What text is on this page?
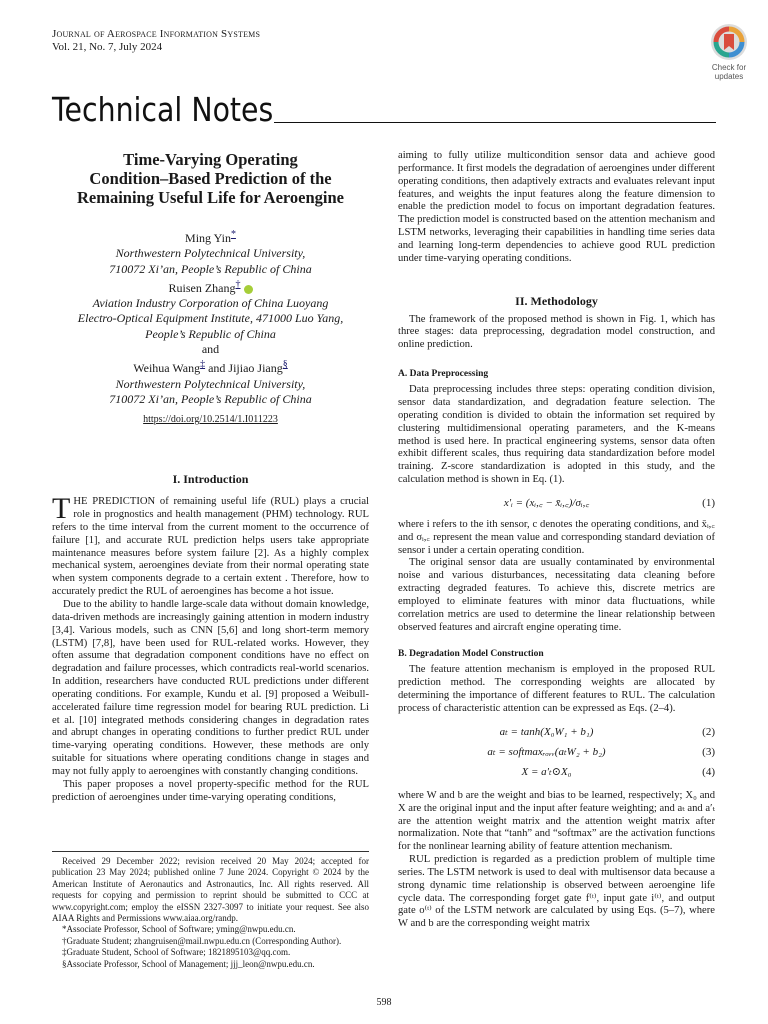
Journal of Aerospace Information Systems
Vol. 21, No. 7, July 2024
Check for
updates
Technical Notes
Time-Varying Operating
Condition–Based Prediction of the
Remaining Useful Life for Aeroengine
Ming Yin*
Northwestern Polytechnical University,
710072 Xi’an, People’s Republic of China
Ruisen Zhang†
Aviation Industry Corporation of China Luoyang
Electro-Optical Equipment Institute, 471000 Luo Yang,
People’s Republic of China
and
Weihua Wang‡ and Jijiao Jiang§
Northwestern Polytechnical University,
710072 Xi’an, People’s Republic of China
https://doi.org/10.2514/1.I011223
I. Introduction

THE PREDICTION of remaining useful life (RUL) plays a crucial role in prognostics and health management (PHM) technology. RUL refers to the time interval from the current moment to the occurrence of failure [1], and accurate RUL prediction helps users take appropriate maintenance measures before system failure [2]. As a highly complex mechanical system, aeroengines deviate from their normal operating state when system components degrade to a certain extent . Therefore, how to accurately predict the RUL of aeroengines has become a hot issue.

Due to the ability to handle large-scale data without domain knowledge, data-driven methods are increasingly gaining attention in modern industry [3,4]. Various models, such as CNN [5,6] and long short-term memory (LSTM) [7,8], have been used for RUL-related works. However, they often assume that degradation component conditions have no effect on degradation and failure processes, which contradicts real-world scenarios. In addition, researchers have conducted RUL predictions under different operating conditions. For example, Kundu et al. [9] proposed a Weibull-accelerated failure time regression model for bearing RUL prediction. Li et al. [10] integrated methods considering changes in degradation rates and abrupt changes in operating conditions to further predict RUL under time-varying operating conditions. However, these methods are only suitable for situations where operating conditions change in stages and may not fully apply to aeroengines with constantly changing conditions.

This paper proposes a novel property-specific method for the RUL prediction of aeroengines under time-varying operating conditions,

Received 29 December 2022; revision received 20 May 2024; accepted for publication 23 May 2024; published online 7 June 2024. Copyright © 2024 by the American Institute of Aeronautics and Astronautics, Inc. All rights reserved. All requests for copying and permission to reprint should be submitted to CCC at www.copyright.com; employ the eISSN 2327-3097 to initiate your request. See also AIAA Rights and Permissions www.aiaa.org/randp.

*Associate Professor, School of Software; yming@nwpu.edu.cn.

†Graduate Student; zhangruisen@mail.nwpu.edu.cn (Corresponding Author).

‡Graduate Student, School of Software; 1821895103@qq.com.

§Associate Professor, School of Management; jjj_leon@nwpu.edu.cn.

aiming to fully utilize multicondition sensor data and achieve good performance. It first models the degradation of aeroengines under different operating conditions, then adaptively extracts and evaluates relevant input features, and weights the input features along the feature dimension to enable the prediction model to focus on important degradation features. The prediction model is constructed based on the attention mechanism and LSTM networks, leveraging their capabilities in handling time series data and learning long-term dependencies to achieve good RUL prediction under time-varying operating conditions.

II. Methodology

The framework of the proposed method is shown in Fig. 1, which has three stages: data preprocessing, degradation model construction, and online prediction.

A. Data Preprocessing

Data preprocessing includes three steps: operating condition division, sensor data standardization, and degradation feature selection. The operating condition is divided to obtain the information set required by clustering multidimensional operating parameters, and the K-means method is used here. In practical engineering systems, sensor data often exhibit different scales, thus requiring data standardization before model training. Z-score standardization is adopted in this study, and the calculation method is shown in Eq. (1).

x′ᵢ = (xᵢ,꜀ − x̄ᵢ,꜀)/σᵢ,꜀	(1)

where i refers to the ith sensor, c denotes the operating conditions, and x̄ᵢ,꜀ and σᵢ,꜀ represent the mean value and corresponding standard deviation of sensor i under a certain operating condition.

The original sensor data are usually contaminated by environmental noise and various disturbances, necessitating data cleaning before extracting degraded features. To achieve this, discrete metrics are employed to eliminate features with minor data fluctuations, while correlation metrics are used to determine the linear relationship between observed features and aircraft engine operating time.

B. Degradation Model Construction

The feature attention mechanism is employed in the proposed RUL prediction method. The corresponding weights are allocated by determining the importance of different features to RUL. The calculation process of characteristic attention can be expressed as Eqs. (2–4).

aₜ = tanh(X₀W₁ + b₁)	(2)
aₜ = softmaxᵣₒᵥᵥ(aₜW₂ + b₂)	(3)
X = a′ₜ⊙X₀	(4)

where W and b are the weight and bias to be learned, respectively; X₀ and X are the original input and the input after feature weighting; and aₜ and a′ₜ are the attention weight matrix and the attention weight matrix after normalization. Note that “tanh” and “softmax” are the activation functions for the nonlinear learning ability of feature attention mechanism.

RUL prediction is regarded as a prediction problem of multiple time series. The LSTM network is used to deal with multisensor data because a strong dynamic time relationship is observed between aeroengine life cycle data. The corresponding forget gate f⁽ᵗ⁾, input gate i⁽ᵗ⁾, and output gate o⁽ᵗ⁾ of the LSTM network are calculated by using Eqs. (5–7), where W and b are the corresponding weight matrix

598
